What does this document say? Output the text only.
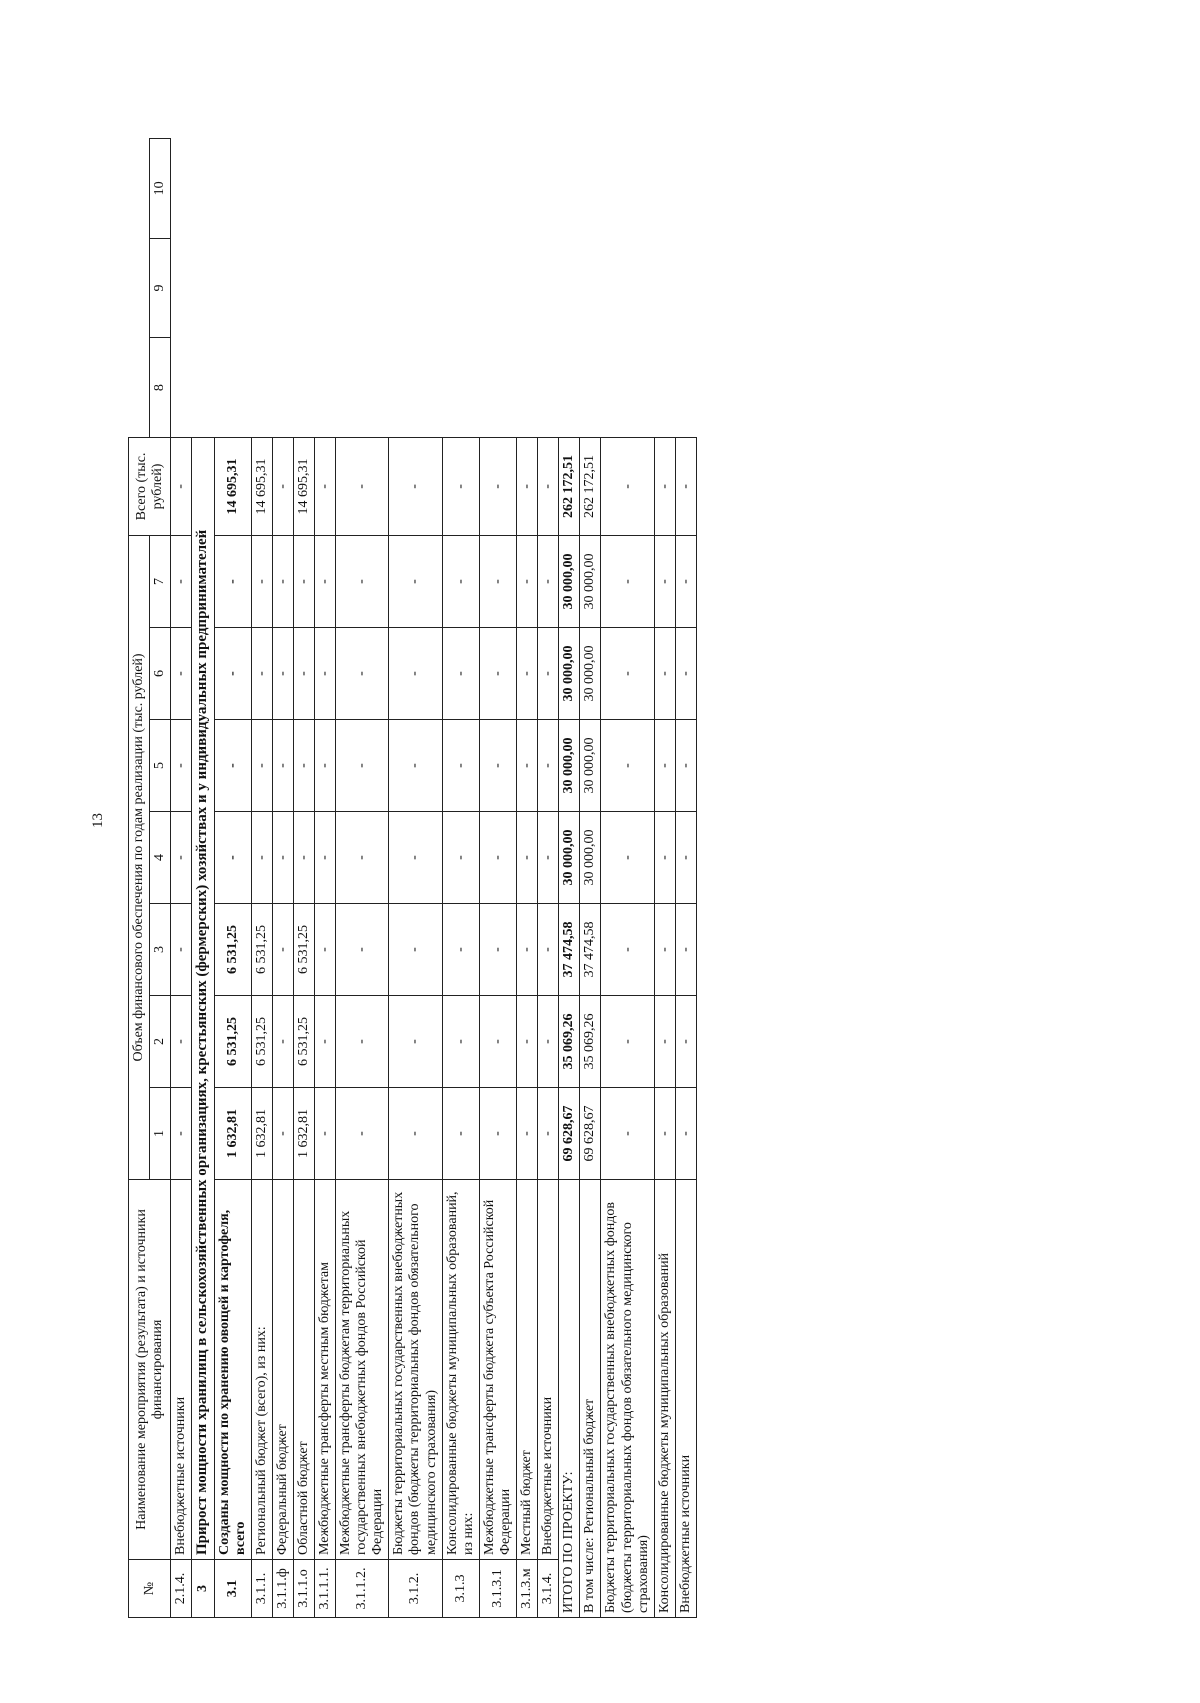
13
№	Наименование мероприятия (результата) и источники финансирования	Объем финансового обеспечения по годам реализации (тыс. рублей)							Всего (тыс. рублей)			
		1	2	3	4	5	6	7		8	9	10
2.1.4.	Внебюджетные источники	-	-	-	-	-	-	-	-			
3	Прирост мощности хранилищ в сельскохозяйственных организациях, крестьянских (фермерских) хозяйствах и у индивидуальных предпринимателей											
3.1	Созданы мощности по хранению овощей и картофеля, всего	1 632,81	6 531,25	6 531,25	-	-	-	-	14 695,31			
3.1.1.	Региональный бюджет (всего), из них:	1 632,81	6 531,25	6 531,25	-	-	-	-	14 695,31			
3.1.1.ф	Федеральный бюджет	-	-	-	-	-	-	-	-			
3.1.1.о	Областной бюджет	1 632,81	6 531,25	6 531,25	-	-	-	-	14 695,31			
3.1.1.1.	Межбюджетные трансферты местным бюджетам	-	-	-	-	-	-	-	-			
3.1.1.2.	Межбюджетные трансферты бюджетам территориальных государственных внебюджетных фондов Российской Федерации	-	-	-	-	-	-	-	-			
3.1.2.	Бюджеты территориальных государственных внебюджетных фондов (бюджеты территориальных фондов обязательного медицинского страхования)	-	-	-	-	-	-	-	-			
3.1.3	Консолидированные бюджеты муниципальных образований, из них:	-	-	-	-	-	-	-	-			
3.1.3.1	Межбюджетные трансферты бюджета субъекта Российской Федерации	-	-	-	-	-	-	-	-			
3.1.3.м	Местный бюджет	-	-	-	-	-	-	-	-			
3.1.4.	Внебюджетные источники	-	-	-	-	-	-	-	-			
ИТОГО ПО ПРОЕКТУ:		69 628,67	35 069,26	37 474,58	30 000,00	30 000,00	30 000,00	30 000,00	262 172,51			
В том числе: Региональный бюджет		69 628,67	35 069,26	37 474,58	30 000,00	30 000,00	30 000,00	30 000,00	262 172,51			
Бюджеты территориальных государственных внебюджетных фондов (бюджеты территориальных фондов обязательного медицинского страхования)		-	-	-	-	-	-	-	-			
Консолидированные бюджеты муниципальных образований		-	-	-	-	-	-	-	-			
Внебюджетные источники		-	-	-	-	-	-	-	-			
